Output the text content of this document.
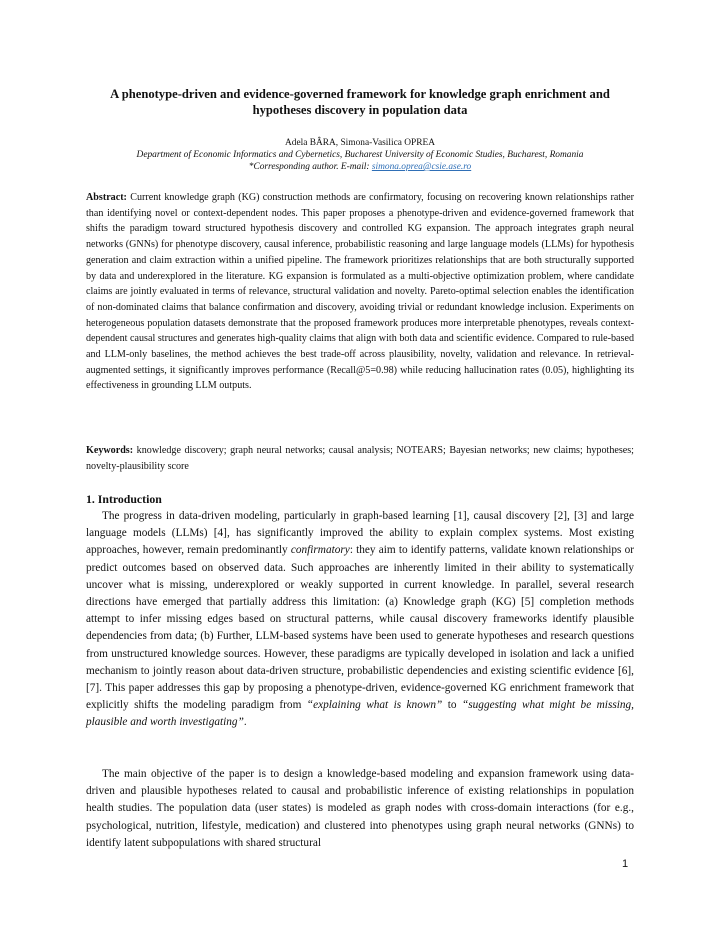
A phenotype-driven and evidence-governed framework for knowledge graph enrichment and hypotheses discovery in population data

Adela BÂRA, Simona-Vasilica OPREA

Department of Economic Informatics and Cybernetics, Bucharest University of Economic Studies, Bucharest, Romania

*Corresponding author. E-mail: simona.oprea@csie.ase.ro

Abstract: Current knowledge graph (KG) construction methods are confirmatory, focusing on recovering known relationships rather than identifying novel or context-dependent nodes. This paper proposes a phenotype-driven and evidence-governed framework that shifts the paradigm toward structured hypothesis discovery and controlled KG expansion. The approach integrates graph neural networks (GNNs) for phenotype discovery, causal inference, probabilistic reasoning and large language models (LLMs) for hypothesis generation and claim extraction within a unified pipeline. The framework prioritizes relationships that are both structurally supported by data and underexplored in the literature. KG expansion is formulated as a multi-objective optimization problem, where candidate claims are jointly evaluated in terms of relevance, structural validation and novelty. Pareto-optimal selection enables the identification of non-dominated claims that balance confirmation and discovery, avoiding trivial or redundant knowledge inclusion. Experiments on heterogeneous population datasets demonstrate that the proposed framework produces more interpretable phenotypes, reveals context-dependent causal structures and generates high-quality claims that align with both data and scientific evidence. Compared to rule-based and LLM-only baselines, the method achieves the best trade-off across plausibility, novelty, validation and relevance. In retrieval-augmented settings, it significantly improves performance (Recall@5=0.98) while reducing hallucination rates (0.05), highlighting its effectiveness in grounding LLM outputs.

Keywords: knowledge discovery; graph neural networks; causal analysis; NOTEARS; Bayesian networks; new claims; hypotheses; novelty-plausibility score

1. Introduction

The progress in data-driven modeling, particularly in graph-based learning [1], causal discovery [2], [3] and large language models (LLMs) [4], has significantly improved the ability to explain complex systems. Most existing approaches, however, remain predominantly confirmatory: they aim to identify patterns, validate known relationships or predict outcomes based on observed data. Such approaches are inherently limited in their ability to systematically uncover what is missing, underexplored or weakly supported in current knowledge. In parallel, several research directions have emerged that partially address this limitation: (a) Knowledge graph (KG) [5] completion methods attempt to infer missing edges based on structural patterns, while causal discovery frameworks identify plausible dependencies from data; (b) Further, LLM-based systems have been used to generate hypotheses and research questions from unstructured knowledge sources. However, these paradigms are typically developed in isolation and lack a unified mechanism to jointly reason about data-driven structure, probabilistic dependencies and existing scientific evidence [6], [7]. This paper addresses this gap by proposing a phenotype-driven, evidence-governed KG enrichment framework that explicitly shifts the modeling paradigm from “explaining what is known” to “suggesting what might be missing, plausible and worth investigating”.

The main objective of the paper is to design a knowledge-based modeling and expansion framework using data-driven and plausible hypotheses related to causal and probabilistic inference of existing relationships in population health studies. The population data (user states) is modeled as graph nodes with cross-domain interactions (for e.g., psychological, nutrition, lifestyle, medication) and clustered into phenotypes using graph neural networks (GNNs) to identify latent subpopulations with shared structural

1
